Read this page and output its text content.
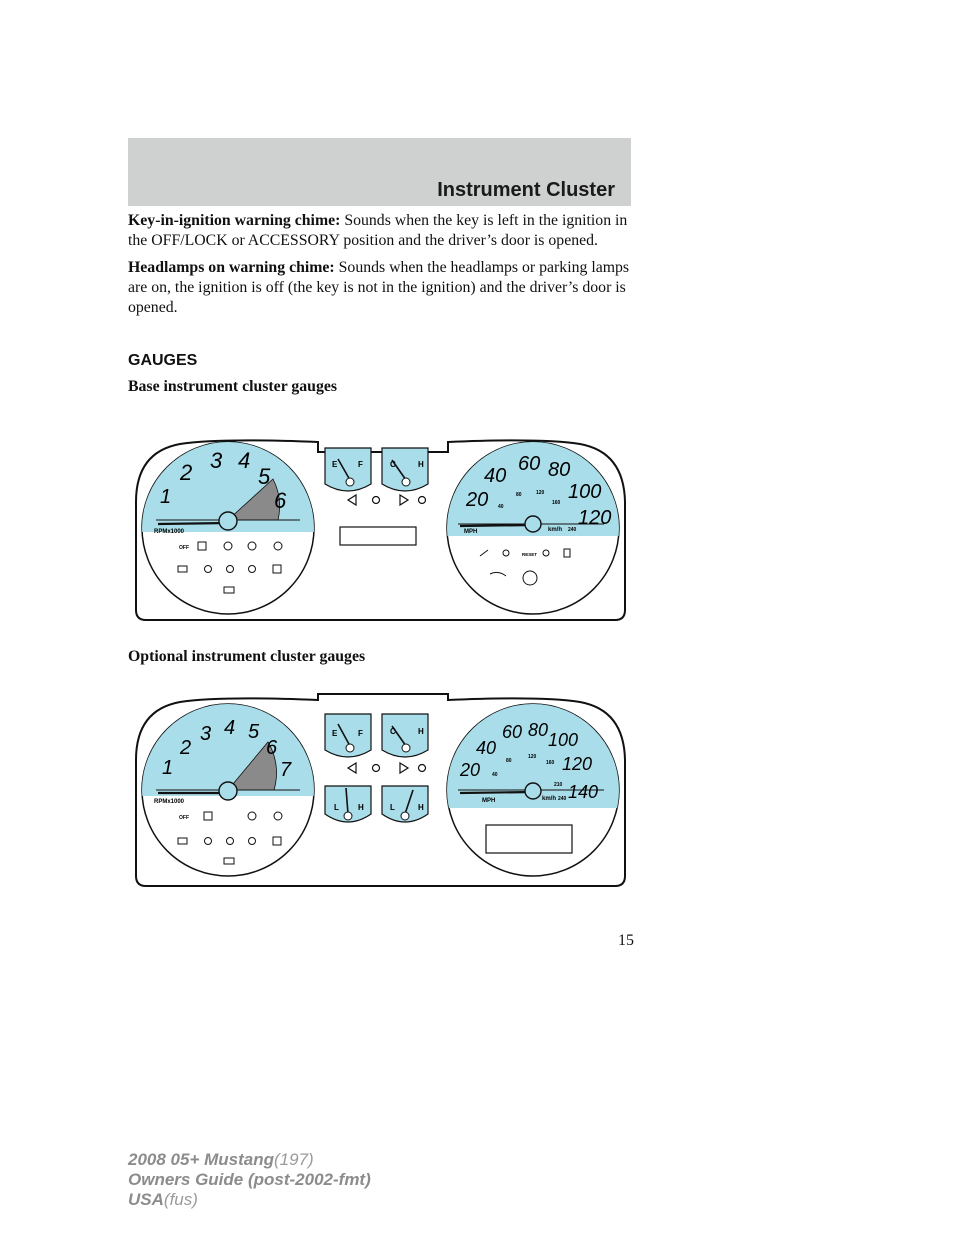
Instrument Cluster

Key-in-ignition warning chime: Sounds when the key is left in the ignition in the OFF/LOCK or ACCESSORY position and the driver’s door is opened.

Headlamps on warning chime: Sounds when the headlamps or parking lamps are on, the ignition is off (the key is not in the ignition) and the driver’s door is opened.

GAUGES
Base instrument cluster gauges
1
2 3 4
5
6
RPMx1000
OFF
E	F	C	H
20
40
60 80
100
120
40
80	120
160
240
MPH	km/h
RESET
Optional instrument cluster gauges
1
2
3 4 5
6
7
RPMx1000
OFF
E	F	C	H
L H	L	H
20
40
60 80 100
120
140
40
80
120
160
210
240
MPH	km/h
15
2008 05+ Mustang(197)
Owners Guide (post-2002-fmt)
USA(fus)
